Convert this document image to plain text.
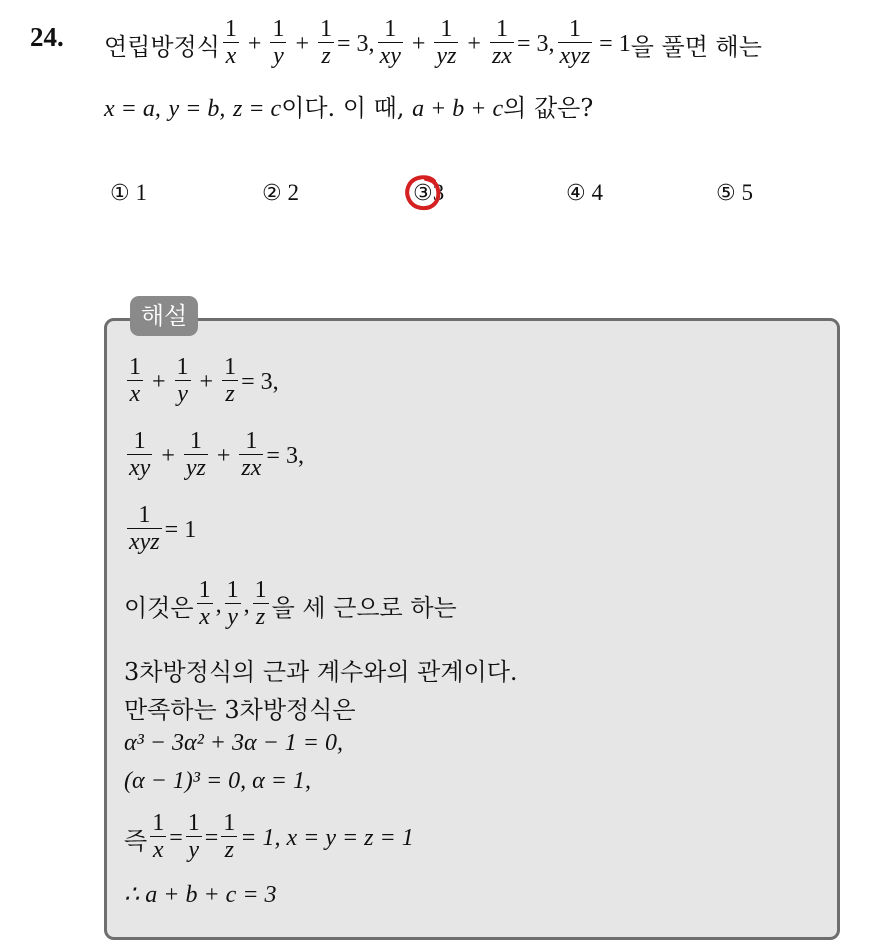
24. 연립방정식 $\frac{1}{x} + \frac{1}{y} + \frac{1}{z} = 3$, $\frac{1}{xy} + \frac{1}{yz} + \frac{1}{zx} = 3$, $\frac{1}{\text{xyz}} = 1$ 을 풀면 해는
x = a, y = b, z = c이다. 이 때, a + b + c의 값은?
① 1	② 2	③3	④ 4	⑤ 5
해설
$\frac{1}{x} + \frac{1}{y} + \frac{1}{z} = 3$,
$\frac{1}{xy} + \frac{1}{yz} + \frac{1}{zx} = 3$,
$\frac{1}{\text{xyz}} = 1$
이것은 $\frac{1}{x}$ , $\frac{1}{y}$ , $\frac{1}{z}$ 을 세 근으로 하는
3차방정식의 근과 계수와의 관계이다.
만족하는 3차방정식은
α³ − 3α² + 3α − 1 = 0,
(α − 1)³ = 0, α = 1,
즉 $\frac{1}{x} = \frac{1}{y} = \frac{1}{z} = 1$, x = y = z = 1
∴ a + b + c = 3
